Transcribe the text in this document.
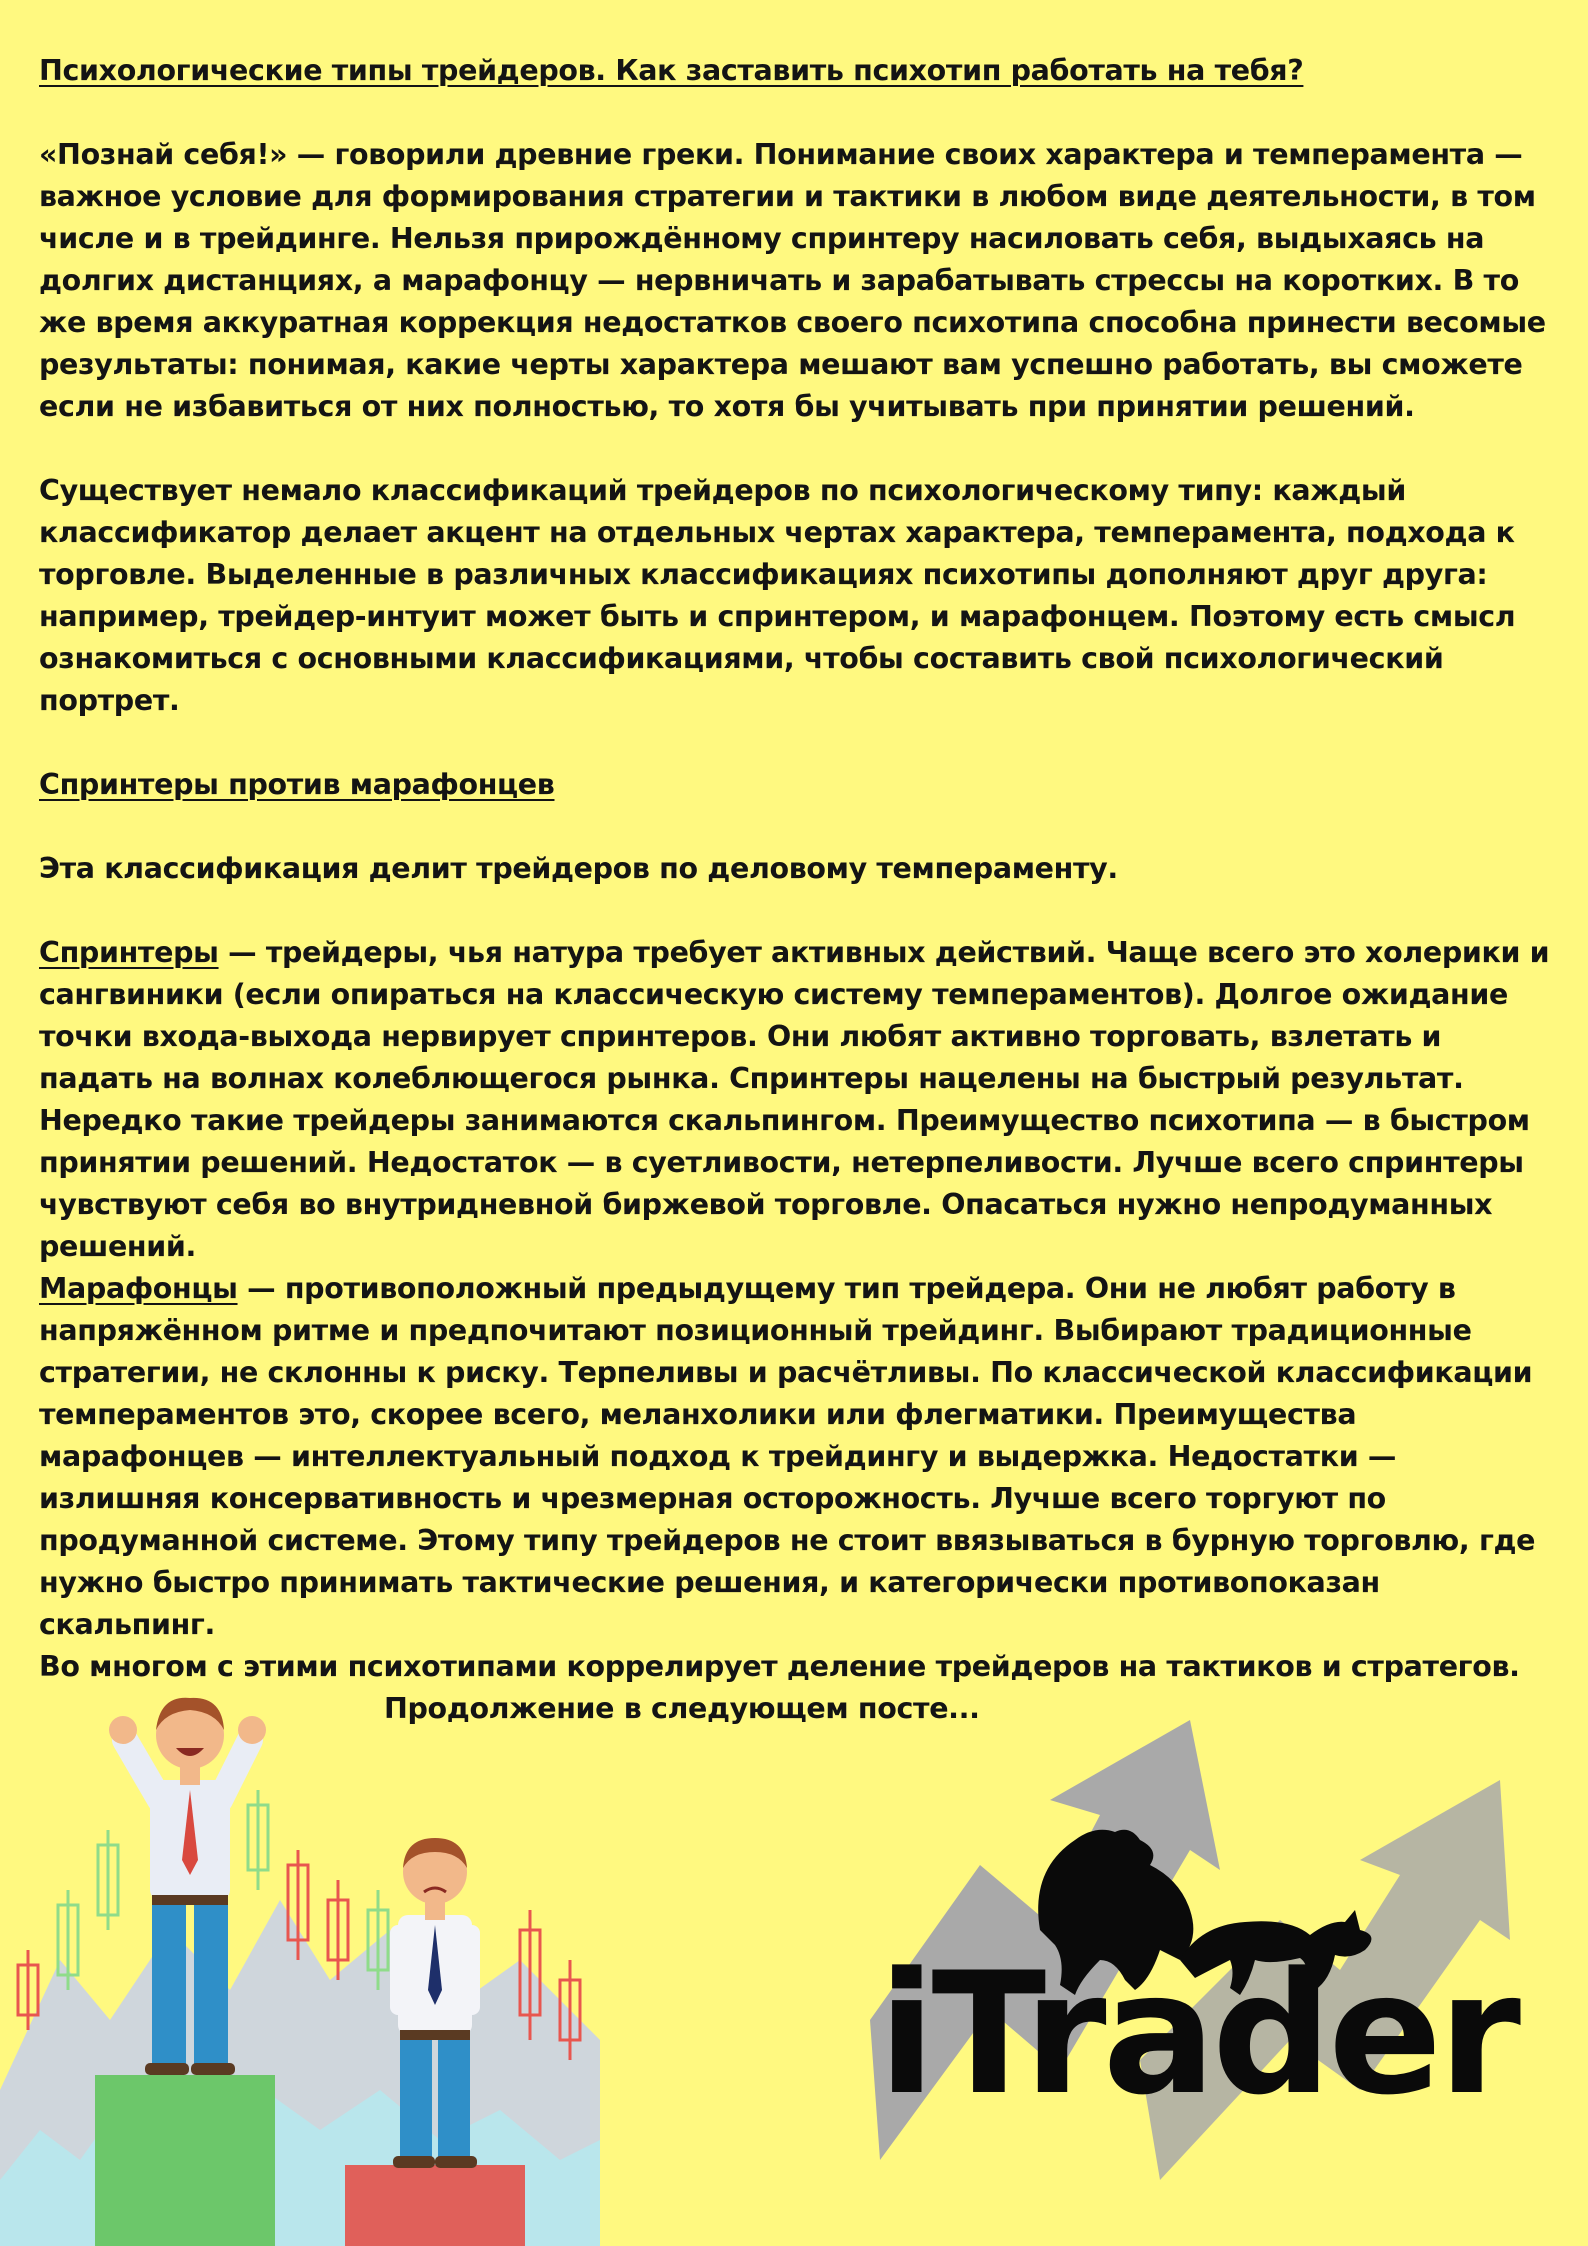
Психологические типы трейдеров. Как заставить психотип работать на тебя?

«Познай себя!» — говорили древние греки. Понимание своих характера и темперамента — важное условие для формирования стратегии и тактики в любом виде деятельности, в том числе и в трейдинге. Нельзя прирождённому спринтеру насиловать себя, выдыхаясь на долгих дистанциях, а марафонцу — нервничать и зарабатывать стрессы на коротких. В то же время аккуратная коррекция недостатков своего психотипа способна принести весомые результаты: понимая, какие черты характера мешают вам успешно работать, вы сможете если не избавиться от них полностью, то хотя бы учитывать при принятии решений.

Существует немало классификаций трейдеров по психологическому типу: каждый классификатор делает акцент на отдельных чертах характера, темперамента, подхода к торговле. Выделенные в различных классификациях психотипы дополняют друг друга: например, трейдер-интуит может быть и спринтером, и марафонцем. Поэтому есть смысл ознакомиться с основными классификациями, чтобы составить свой психологический портрет.

Спринтеры против марафонцев

Эта классификация делит трейдеров по деловому темпераменту.

Спринтеры — трейдеры, чья натура требует активных действий. Чаще всего это холерики и сангвиники (если опираться на классическую систему темпераментов). Долгое ожидание точки входа-выхода нервирует спринтеров. Они любят активно торговать, взлетать и падать на волнах колеблющегося рынка. Спринтеры нацелены на быстрый результат. Нередко такие трейдеры занимаются скальпингом. Преимущество психотипа — в быстром принятии решений. Недостаток — в суетливости, нетерпеливости. Лучше всего спринтеры чувствуют себя во внутридневной биржевой торговле. Опасаться нужно непродуманных решений.

Марафонцы — противоположный предыдущему тип трейдера. Они не любят работу в напряжённом ритме и предпочитают позиционный трейдинг. Выбирают традиционные стратегии, не склонны к риску. Терпеливы и расчётливы. По классической классификации темпераментов это, скорее всего, меланхолики или флегматики. Преимущества марафонцев — интеллектуальный подход к трейдингу и выдержка. Недостатки — излишняя консервативность и чрезмерная осторожность. Лучше всего торгуют по продуманной системе. Этому типу трейдеров не стоит ввязываться в бурную торговлю, где нужно быстро принимать тактические решения, и категорически противопоказан скальпинг.

Во многом с этими психотипами коррелирует деление трейдеров на тактиков и стратегов.

Продолжение в следующем посте...

iTrader
